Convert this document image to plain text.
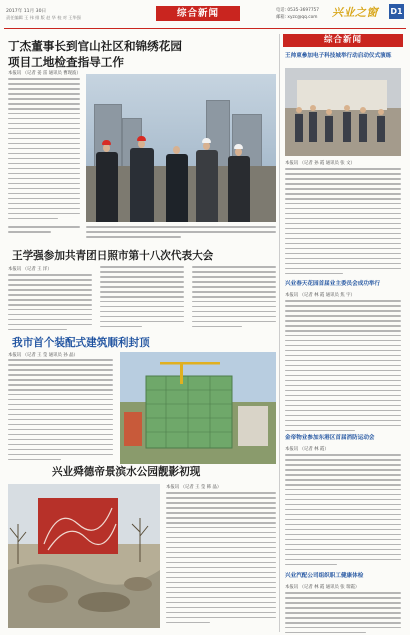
2017年 11月 30日
责任编辑 王 伟 排 版 赵 华 校 对 王华强	综合新闻	电话: 0535-3697757
邮箱: xyzc@qq.com 兴业之窗 D1
丁杰董事长到官山社区和锦绣花园
项目工地检查指导工作
本报讯 （记者 姜 雷 通讯员 曹现波）
王学强参加共青团日照市第十八次代表大会
本报讯 （记者 王 洋）
我市首个装配式建筑顺利封顶
本报讯 （记者 王 莹 通讯员 孙 晶）
兴业舜德帝景滨水公园靓影初现
本报讯 （记者 王 莹 韩 晶）
综合新闻
王帅東參加电子科技城举行动启动仪式演练
本报讯 （记者 孙 霞 通讯员 张 文）
兴业春天花园首届业主委员会成功举行
本报讯 （记者 林 霞 通讯员 焦 宇）
金帝物业参加东港区首届消防运动会
本报讯 （记者 林 霞）
兴业汽配公司组织职工健康体检
本报讯 （记者 林 霞 通讯员 张 瑞霞）
